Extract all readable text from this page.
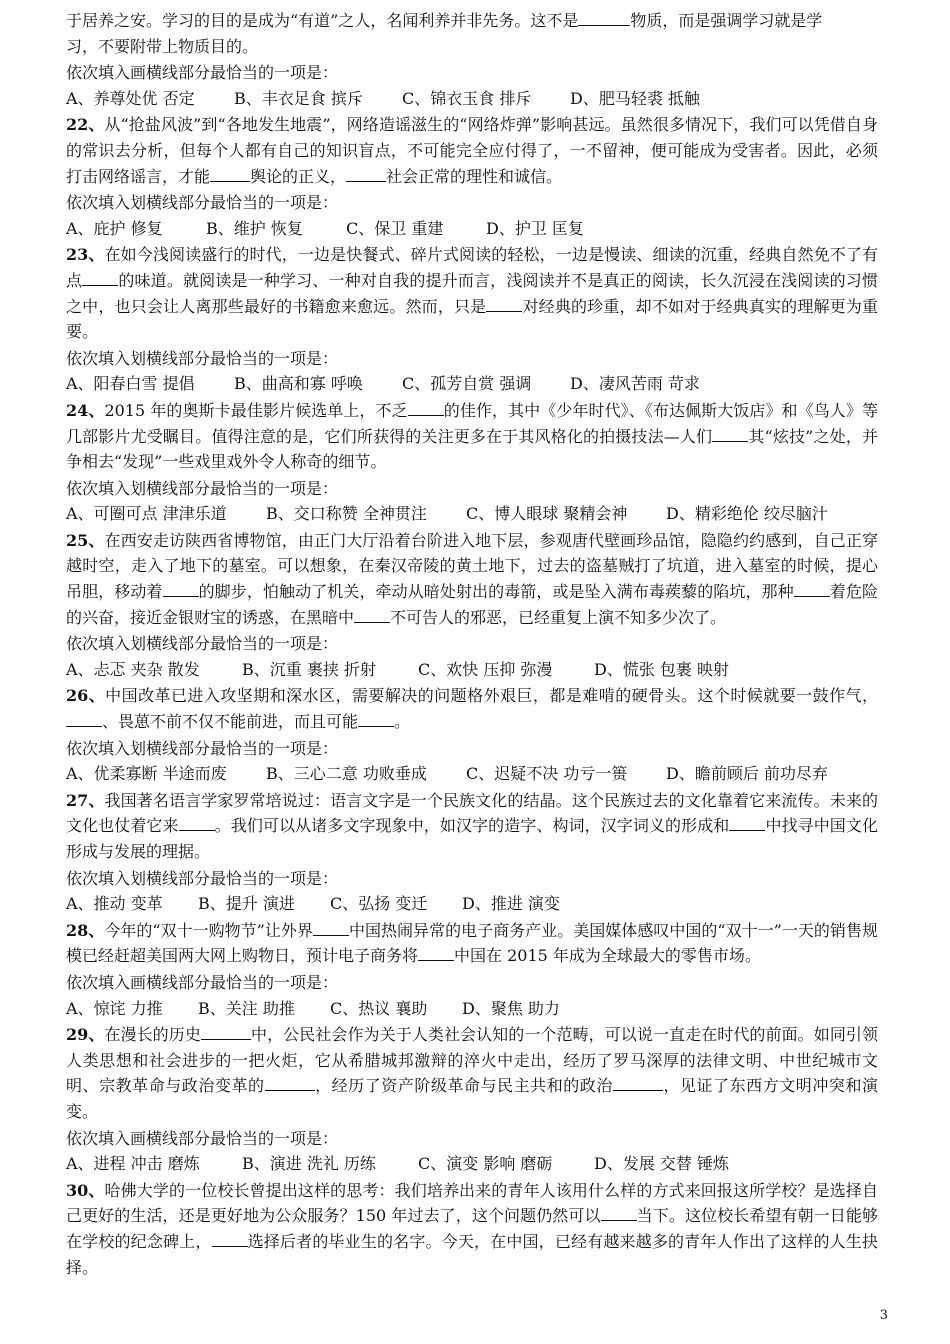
于居养之安。学习的目的是成为“有道”之人，名闻利养并非先务。这不是	物质，而是强调学习就是学
习，不要附带上物质目的。

依次填入画横线部分最恰当的一项是：

A、养尊处优 否定 B、丰衣足食 摈斥 C、锦衣玉食 排斥 D、肥马轻裘 抵触

22、从“抢盐风波”到“各地发生地震”，网络造谣滋生的“网络炸弹”影响甚远。虽然很多情况下，我们可以凭借自身的常识去分析，但每个人都有自己的知识盲点，不可能完全应付得了，一不留神，便可能成为受害者。因此，必须打击网络谣言，才能	舆论的正义，	社会正常的理性和诚信。

依次填入划横线部分最恰当的一项是：

A、庇护 修复	B、维护 恢复	C、保卫 重建	D、护卫 匡复

23、在如今浅阅读盛行的时代，一边是快餐式、碎片式阅读的轻松，一边是慢读、细读的沉重，经典自然免不了有点 的味道。就阅读是一种学习、一种对自我的提升而言，浅阅读并不是真正的阅读，长久沉浸在浅阅读的习惯之中，也只会让人离那些最好的书籍愈来愈远。然而，只是 对经典的珍重，却不如对于经典真实的理解更为重要。

依次填入划横线部分最恰当的一项是：

A、阳春白雪 提倡 B、曲高和寡 呼唤 C、孤芳自赏 强调 D、凄风苦雨 苛求

24、2015 年的奥斯卡最佳影片候选单上，不乏 的佳作，其中《少年时代》、《布达佩斯大饭店》和《鸟人》等几部影片尤受瞩目。值得注意的是，它们所获得的关注更多在于其风格化的拍摄技法—人们 其“炫技”之处，并争相去“发现”一些戏里戏外令人称奇的细节。

依次填入划横线部分最恰当的一项是：

A、可圈可点 津津乐道 B、交口称赞 全神贯注 C、博人眼球 聚精会神 D、精彩绝伦 绞尽脑汁

25、在西安走访陕西省博物馆，由正门大厅沿着台阶进入地下层，参观唐代壁画珍品馆，隐隐约约感到，自己正穿越时空，走入了地下的墓室。可以想象，在秦汉帝陵的黄土地下，过去的盗墓贼打了坑道，进入墓室的时候，提心吊胆，移动着 的脚步，怕触动了机关，牵动从暗处射出的毒箭，或是坠入满布毒蒺藜的陷坑，那种 着危险的兴奋，接近金银财宝的诱惑，在黑暗中 不可告人的邪恶，已经重复上演不知多少次了。

依次填入划横线部分最恰当的一项是：

A、忐忑 夹杂 散发	B、沉重 裹挟 折射	C、欢快 压抑 弥漫	D、慌张 包裹 映射

26、中国改革已进入攻坚期和深水区，需要解决的问题格外艰巨，都是难啃的硬骨头。这个时候就要一鼓作气，、畏葸不前不仅不能前进，而且可能 。

依次填入划横线部分最恰当的一项是：

A、优柔寡断 半途而废 B、三心二意 功败垂成 C、迟疑不决 功亏一篑 D、瞻前顾后 前功尽弃

27、我国著名语言学家罗常培说过：语言文字是一个民族文化的结晶。这个民族过去的文化靠着它来流传。未来的文化也仗着它来 。我们可以从诸多文字现象中，如汉字的造字、构词，汉字词义的形成和 中找寻中国文化形成与发展的理据。

依次填入划横线部分最恰当的一项是：

A、推动 变革 B、提升 演进 C、弘扬 变迁 D、推进 演变

28、今年的“双十一购物节”让外界 中国热闹异常的电子商务产业。美国媒体感叹中国的“双十一”一天的销售规模已经赶超美国两大网上购物日，预计电子商务将 中国在 2015 年成为全球最大的零售市场。

依次填入画横线部分最恰当的一项是：

A、惊诧 力推 B、关注 助推 C、热议 襄助 D、聚焦 助力

29、在漫长的历史	中，公民社会作为关于人类社会认知的一个范畴，可以说一直走在时代的前面。如同引领人类思想和社会进步的一把火炬，它从希腊城邦激辩的淬火中走出，经历了罗马深厚的法律文明、中世纪城市文明、宗教革命与政治变革的	，经历了资产阶级革命与民主共和的政治	，见证了东西方文明冲突和演变。

依次填入画横线部分最恰当的一项是：

A、进程 冲击 磨炼	B、演进 洗礼 历练	C、演变 影响 磨砺	D、发展 交替 锤炼

30、哈佛大学的一位校长曾提出这样的思考：我们培养出来的青年人该用什么样的方式来回报这所学校？是选择自己更好的生活，还是更好地为公众服务？150 年过去了，这个问题仍然可以 当下。这位校长希望有朝一日能够在学校的纪念碑上， 选择后者的毕业生的名字。今天，在中国，已经有越来越多的青年人作出了这样的人生抉择。

3
